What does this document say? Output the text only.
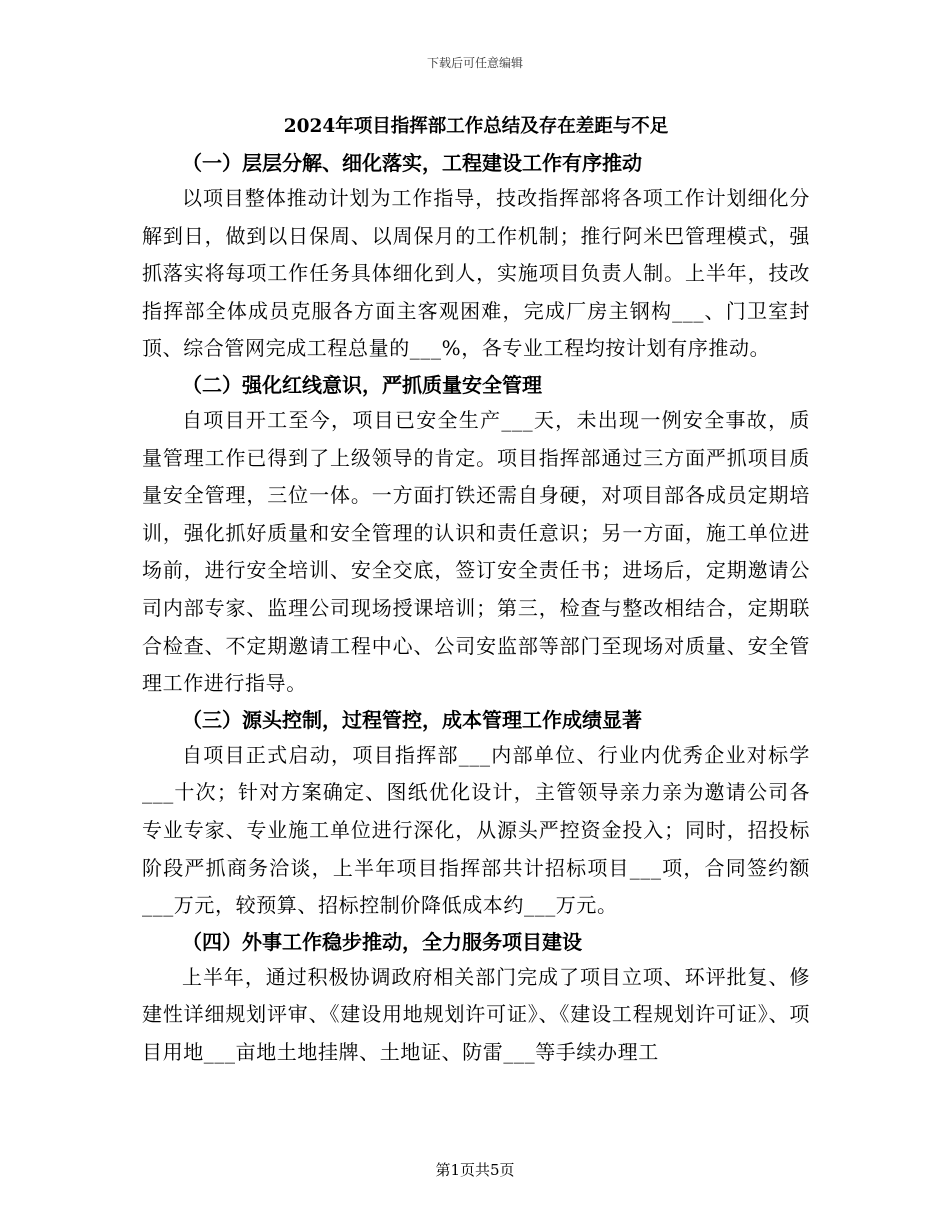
下载后可任意编辑
2024年项目指挥部工作总结及存在差距与不足
（一）层层分解、细化落实，工程建设工作有序推动

以项目整体推动计划为工作指导，技改指挥部将各项工作计划细化分解到日，做到以日保周、以周保月的工作机制；推行阿米巴管理模式，强抓落实将每项工作任务具体细化到人，实施项目负责人制。上半年，技改指挥部全体成员克服各方面主客观困难，完成厂房主钢构___、门卫室封顶、综合管网完成工程总量的___%，各专业工程均按计划有序推动。

（二）强化红线意识，严抓质量安全管理

自项目开工至今，项目已安全生产___天，未出现一例安全事故，质量管理工作已得到了上级领导的肯定。项目指挥部通过三方面严抓项目质量安全管理，三位一体。一方面打铁还需自身硬，对项目部各成员定期培训，强化抓好质量和安全管理的认识和责任意识；另一方面，施工单位进场前，进行安全培训、安全交底，签订安全责任书；进场后，定期邀请公司内部专家、监理公司现场授课培训；第三，检查与整改相结合，定期联合检查、不定期邀请工程中心、公司安监部等部门至现场对质量、安全管理工作进行指导。

（三）源头控制，过程管控，成本管理工作成绩显著

自项目正式启动，项目指挥部___内部单位、行业内优秀企业对标学___十次；针对方案确定、图纸优化设计，主管领导亲力亲为邀请公司各专业专家、专业施工单位进行深化，从源头严控资金投入；同时，招投标阶段严抓商务洽谈，上半年项目指挥部共计招标项目___项，合同签约额___万元，较预算、招标控制价降低成本约___万元。

（四）外事工作稳步推动，全力服务项目建设

上半年，通过积极协调政府相关部门完成了项目立项、环评批复、修建性详细规划评审、《建设用地规划许可证》、《建设工程规划许可证》、项目用地___亩地土地挂牌、土地证、防雷___等手续办理工

第1页共5页
